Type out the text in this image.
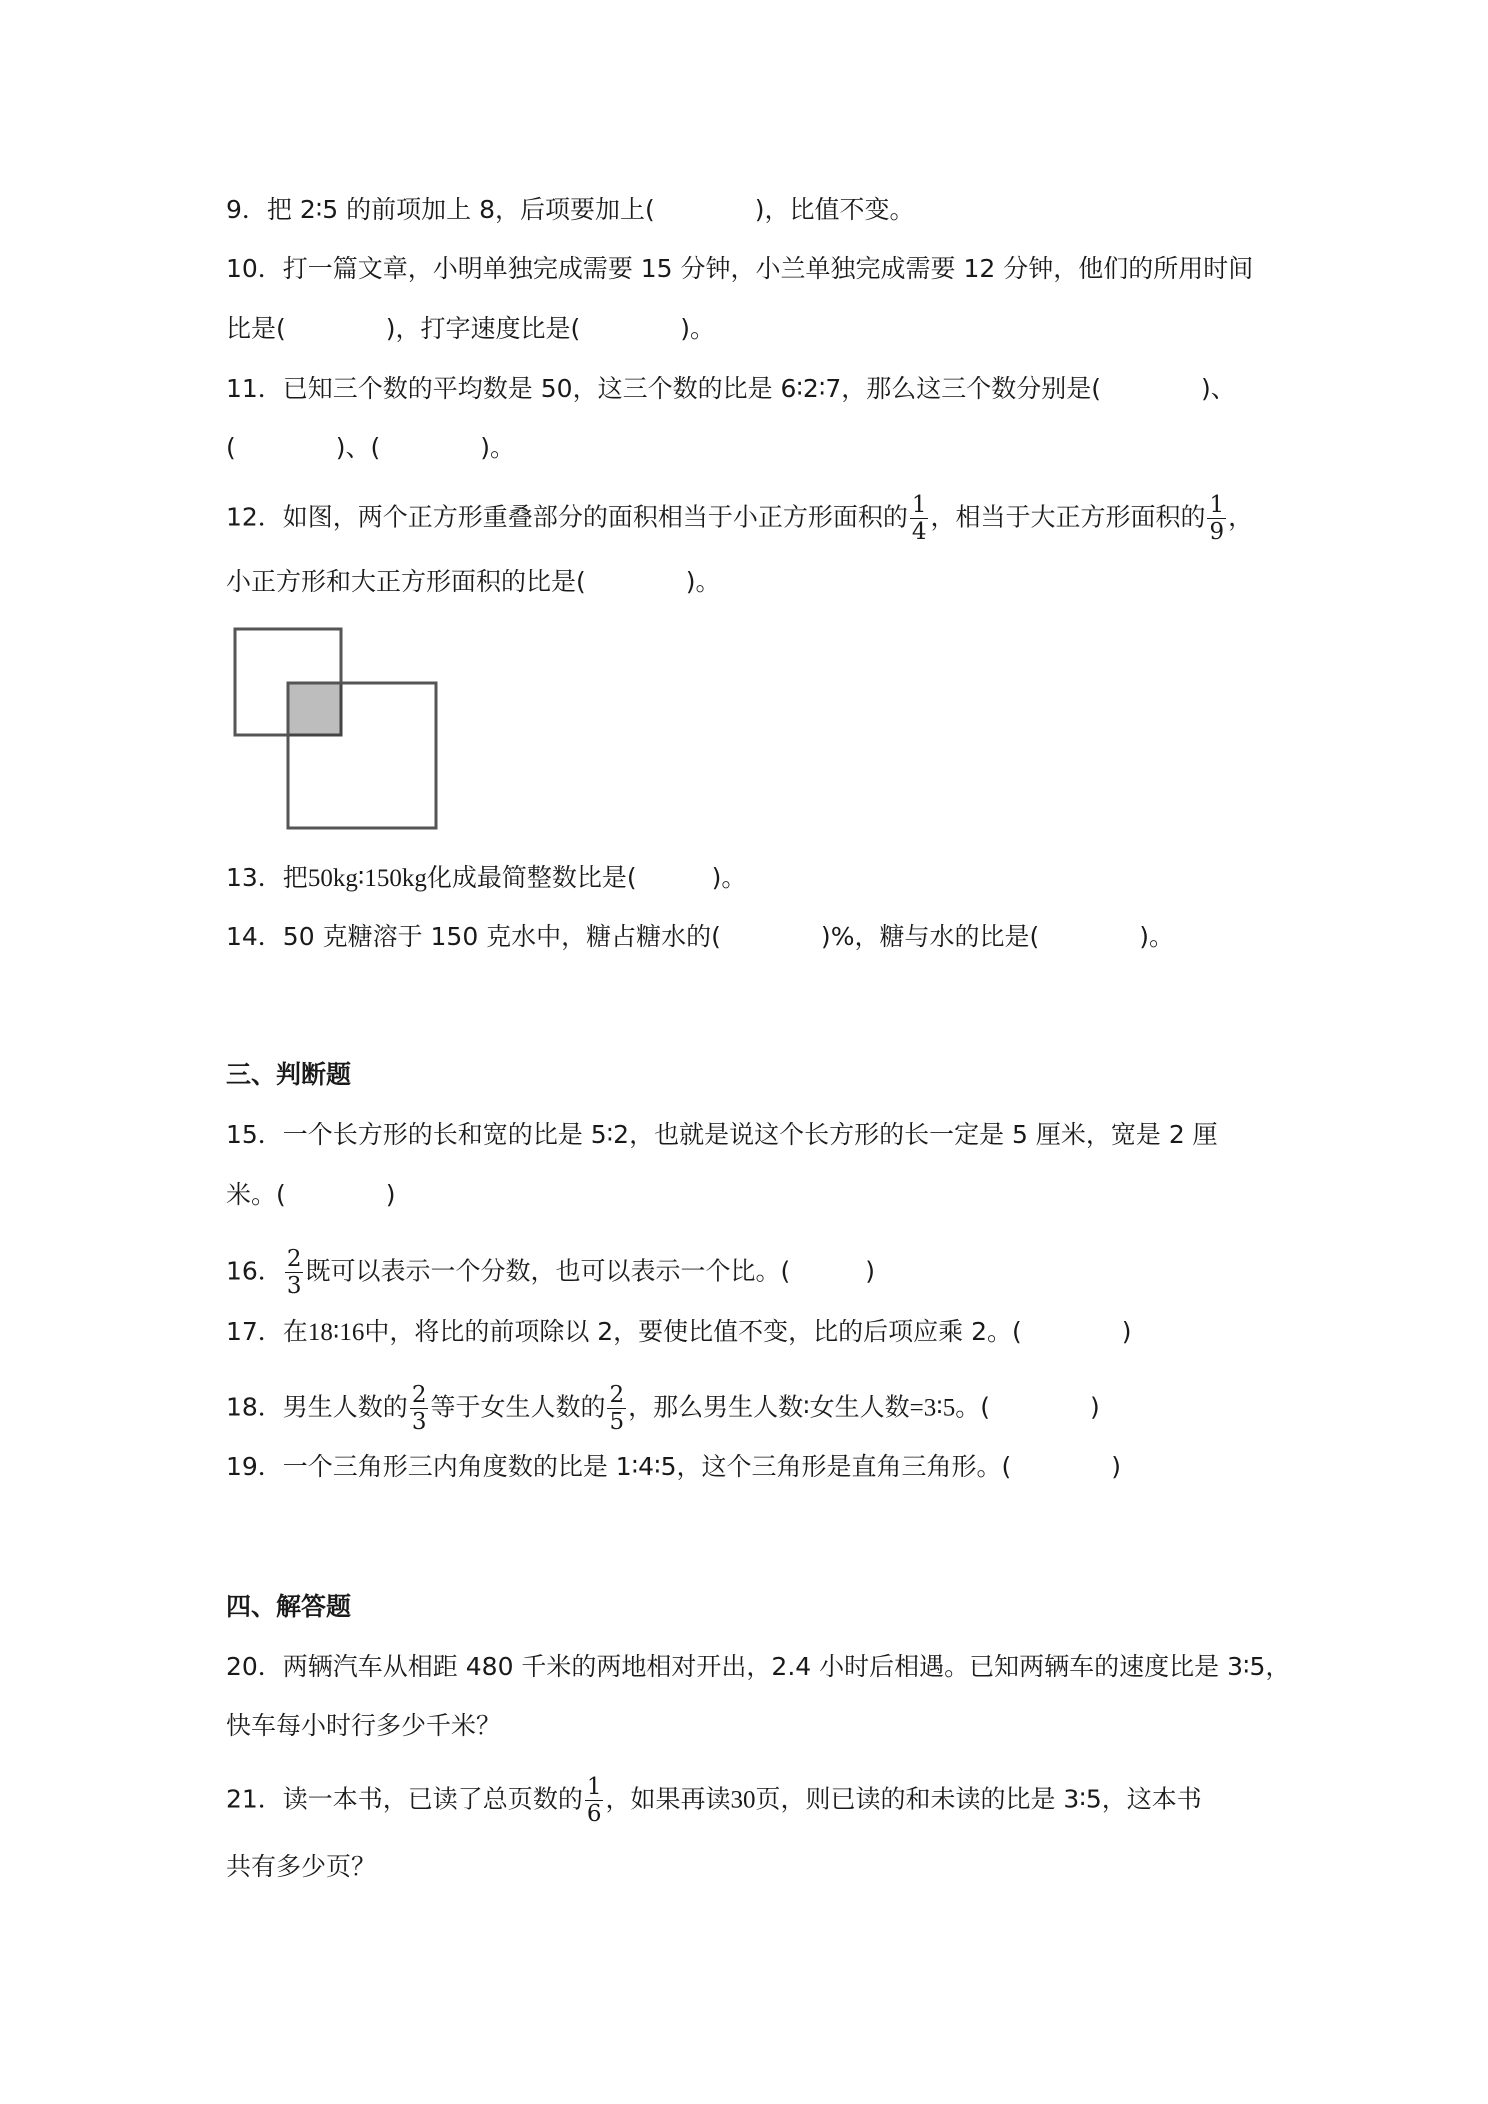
9．把 2∶5 的前项加上 8，后项要加上(　　　　)，比值不变。
10．打一篇文章，小明单独完成需要 15 分钟，小兰单独完成需要 12 分钟，他们的所用时间
比是(　　　　)，打字速度比是(　　　　)。
11．已知三个数的平均数是 50，这三个数的比是 6∶2∶7，那么这三个数分别是(　　　　)、
(　　　　)、(　　　　)。
12．如图，两个正方形重叠部分的面积相当于小正方形面积的 $\frac{1}{4}$ ，相当于大正方形面积的 $\frac{1}{9}$ ，
小正方形和大正方形面积的比是(　　　　)。
13．把50kg∶150kg化成最简整数比是(　　　)。
14．50 克糖溶于 150 克水中，糖占糖水的(　　　　)%，糖与水的比是(　　　　)。
三、判断题
15．一个长方形的长和宽的比是 5∶2，也就是说这个长方形的长一定是 5 厘米，宽是 2 厘
米。(　　　　)
16． $\frac{2}{3}$ 既可以表示一个分数，也可以表示一个比。(　　　)
17．在18∶16中，将比的前项除以 2，要使比值不变，比的后项应乘 2。(　　　　)
18．男生人数的 $\frac{2}{3}$ 等于女生人数的 $\frac{2}{5}$ ，那么男生人数∶女生人数=3∶5。(　　　　)
19．一个三角形三内角度数的比是 1∶4∶5，这个三角形是直角三角形。(　　　　)
四、解答题
20．两辆汽车从相距 480 千米的两地相对开出，2.4 小时后相遇。已知两辆车的速度比是 3∶5，
快车每小时行多少千米？
21．读一本书，已读了总页数的 $\frac{1}{6}$ ，如果再读30页，则已读的和未读的比是 3∶5，这本书
共有多少页？
